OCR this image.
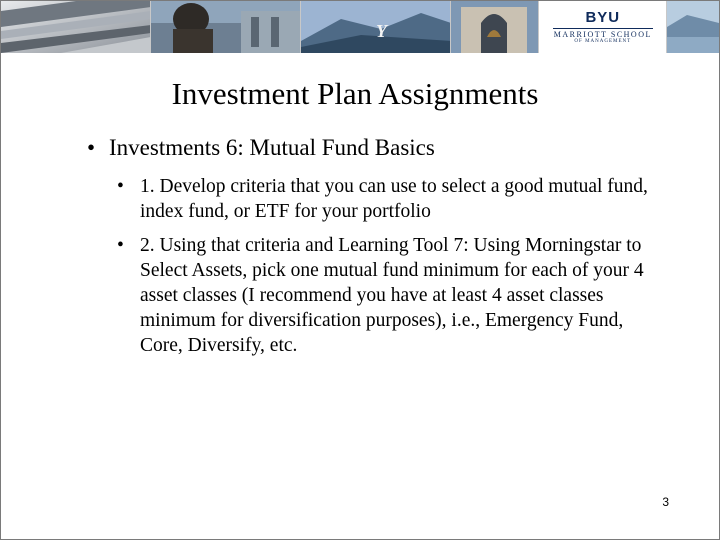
Y
BYU
MARRIOTT SCHOOL
OF MANAGEMENT
Investment Plan Assignments
• Investments 6: Mutual Fund Basics
• 1. Develop criteria that you can use to select a good mutual fund, index fund, or ETF for your portfolio
• 2. Using that criteria and Learning Tool 7: Using Morningstar to Select Assets, pick one mutual fund minimum for each of your 4 asset classes (I recommend you have at least 4 asset classes minimum for diversification purposes), i.e., Emergency Fund, Core, Diversify, etc.
3
